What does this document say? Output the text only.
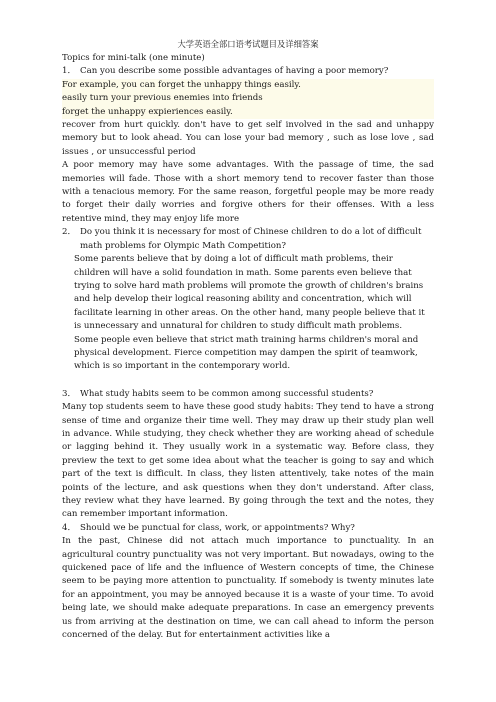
大学英语全部口语考试题目及详细答案

Topics for mini-talk (one minute)

1． Can you describe some possible advantages of having a poor memory?

For example, you can forget the unhappy things easily.

easily turn your previous enemies into friends

forget the unhappy expieriences easily.

recover from hurt quickly. don't have to get self involved in the sad and unhappy memory but to look ahead. You can lose your bad memory , such as lose love , sad issues , or unsuccessful period

A poor memory may have some advantages. With the passage of time, the sad memories will fade. Those with a short memory tend to recover faster than those with a tenacious memory. For the same reason, forgetful people may be more ready to forget their daily worries and forgive others for their offenses. With a less retentive mind, they may enjoy life more

2． Do you think it is necessary for most of Chinese children to do a lot of difficult math problems for Olympic Math Competition?

Some parents believe that by doing a lot of difficult math problems, their children will have a solid foundation in math. Some parents even believe that trying to solve hard math problems will promote the growth of children's brains and help develop their logical reasoning ability and concentration, which will facilitate learning in other areas. On the other hand, many people believe that it is unnecessary and unnatural for children to study difficult math problems. Some people even believe that strict math training harms children's moral and physical development. Fierce competition may dampen the spirit of teamwork, which is so important in the contemporary world.

3． What study habits seem to be common among successful students?

Many top students seem to have these good study habits: They tend to have a strong sense of time and organize their time well. They may draw up their study plan well in advance. While studying, they check whether they are working ahead of schedule or lagging behind it. They usually work in a systematic way. Before class, they preview the text to get some idea about what the teacher is going to say and which part of the text is difficult. In class, they listen attentively, take notes of the main points of the lecture, and ask questions when they don't understand. After class, they review what they have learned. By going through the text and the notes, they can remember important information.

4． Should we be punctual for class, work, or appointments? Why?

In the past, Chinese did not attach much importance to punctuality. In an agricultural country punctuality was not very important. But nowadays, owing to the quickened pace of life and the influence of Western concepts of time, the Chinese seem to be paying more attention to punctuality. If somebody is twenty minutes late for an appointment, you may be annoyed because it is a waste of your time. To avoid being late, we should make adequate preparations. In case an emergency prevents us from arriving at the destination on time, we can call ahead to inform the person concerned of the delay. But for entertainment activities like a
